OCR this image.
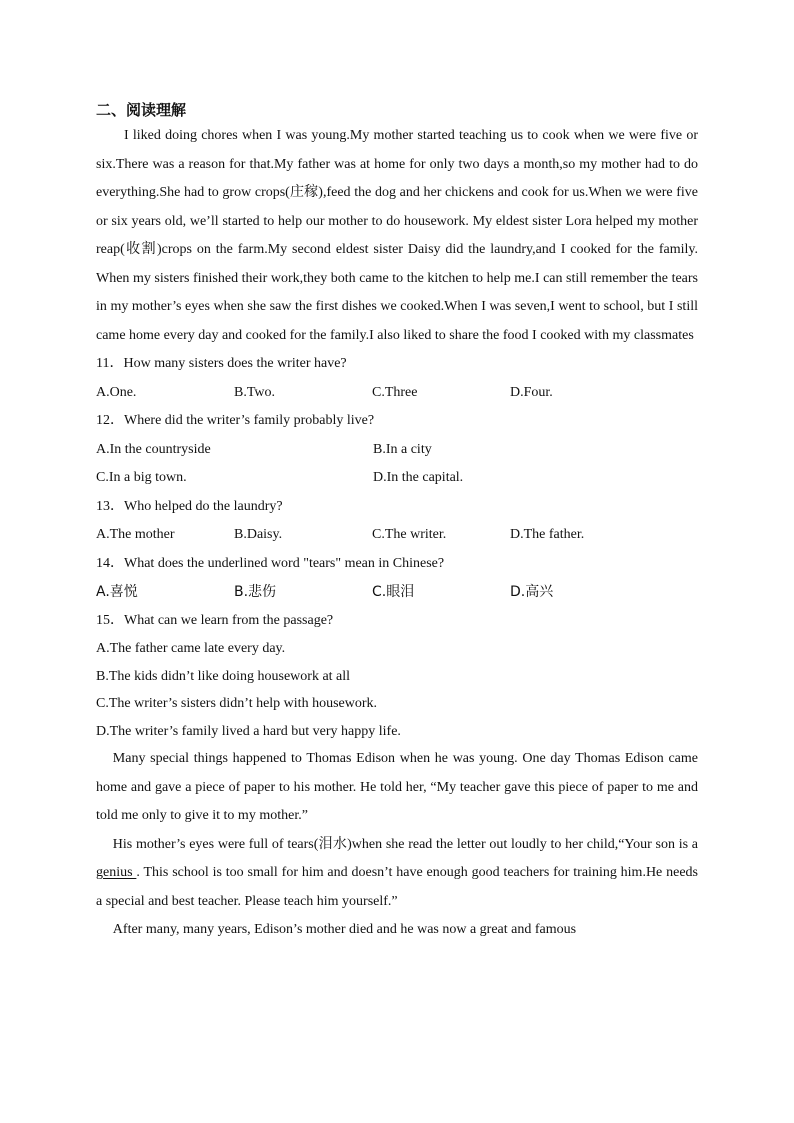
二、阅读理解

I liked doing chores when I was young.My mother started teaching us to cook when we were five or six.There was a reason for that.My father was at home for only two days a month,so my mother had to do everything.She had to grow crops(庄稼),feed the dog and her chickens and cook for us.When we were five or six years old, we’ll started to help our mother to do housework. My eldest sister Lora helped my mother reap(收割)crops on the farm.My second eldest sister Daisy did the laundry,and I cooked for the family. When my sisters finished their work,they both came to the kitchen to help me.I can still remember the tears in my mother’s eyes when she saw the first dishes we cooked.When I was seven,I went to school, but I still came home every day and cooked for the family.I also liked to share the food I cooked with my classmates

11．How many sisters does the writer have?
A.One.	B.Two.	C.Three	D.Four.
12．Where did the writer’s family probably live?
A.In the countryside	B.In a city
C.In a big town.	D.In the capital.
13．Who helped do the laundry?
A.The mother	B.Daisy.	C.The writer.	D.The father.
14．What does the underlined word "tears" mean in Chinese?
A.喜悦	B.悲伤	C.眼泪	D.高兴
15．What can we learn from the passage?
A.The father came late every day.
B.The kids didn’t like doing housework at all
C.The writer’s sisters didn’t help with housework.
D.The writer’s family lived a hard but very happy life.

Many special things happened to Thomas Edison when he was young. One day Thomas Edison came home and gave a piece of paper to his mother. He told her, “My teacher gave this piece of paper to me and told me only to give it to my mother.”

His mother’s eyes were full of tears(泪水)when she read the letter out loudly to her child,“Your son is a genius . This school is too small for him and doesn’t have enough good teachers for training him.He needs a special and best teacher. Please teach him yourself.”

After many, many years, Edison’s mother died and he was now a great and famous
